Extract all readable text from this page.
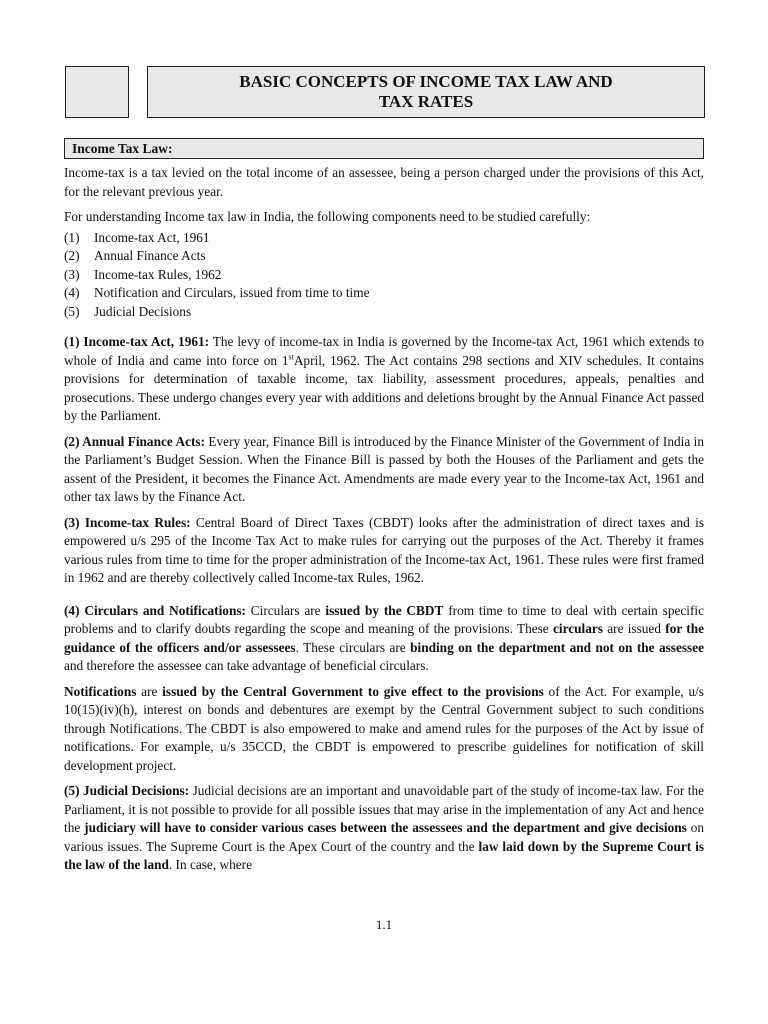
BASIC CONCEPTS OF INCOME TAX LAW AND
TAX RATES
Income Tax Law:

Income-tax is a tax levied on the total income of an assessee, being a person charged under the provisions of this Act, for the relevant previous year.

For understanding Income tax law in India, the following components need to be studied carefully:

(1)	Income-tax Act, 1961
(2)	Annual Finance Acts
(3)	Income-tax Rules, 1962
(4)	Notification and Circulars, issued from time to time
(5)	Judicial Decisions

(1) Income-tax Act, 1961: The levy of income-tax in India is governed by the Income-tax Act, 1961 which extends to whole of India and came into force on 1stApril, 1962. The Act contains 298 sections and XIV schedules. It contains provisions for determination of taxable income, tax liability, assessment procedures, appeals, penalties and prosecutions. These undergo changes every year with additions and deletions brought by the Annual Finance Act passed by the Parliament.

(2) Annual Finance Acts: Every year, Finance Bill is introduced by the Finance Minister of the Government of India in the Parliament’s Budget Session. When the Finance Bill is passed by both the Houses of the Parliament and gets the assent of the President, it becomes the Finance Act. Amendments are made every year to the Income-tax Act, 1961 and other tax laws by the Finance Act.

(3) Income-tax Rules: Central Board of Direct Taxes (CBDT) looks after the administration of direct taxes and is empowered u/s 295 of the Income Tax Act to make rules for carrying out the purposes of the Act. Thereby it frames various rules from time to time for the proper administration of the Income-tax Act, 1961. These rules were first framed in 1962 and are thereby collectively called Income-tax Rules, 1962.

(4) Circulars and Notifications: Circulars are issued by the CBDT from time to time to deal with certain specific problems and to clarify doubts regarding the scope and meaning of the provisions. These circulars are issued for the guidance of the officers and/or assessees. These circulars are binding on the department and not on the assessee and therefore the assessee can take advantage of beneficial circulars.

Notifications are issued by the Central Government to give effect to the provisions of the Act. For example, u/s 10(15)(iv)(h), interest on bonds and debentures are exempt by the Central Government subject to such conditions through Notifications. The CBDT is also empowered to make and amend rules for the purposes of the Act by issue of notifications. For example, u/s 35CCD, the CBDT is empowered to prescribe guidelines for notification of skill development project.

(5) Judicial Decisions: Judicial decisions are an important and unavoidable part of the study of income-tax law. For the Parliament, it is not possible to provide for all possible issues that may arise in the implementation of any Act and hence the judiciary will have to consider various cases between the assessees and the department and give decisions on various issues. The Supreme Court is the Apex Court of the country and the law laid down by the Supreme Court is the law of the land. In case, where

1.1
